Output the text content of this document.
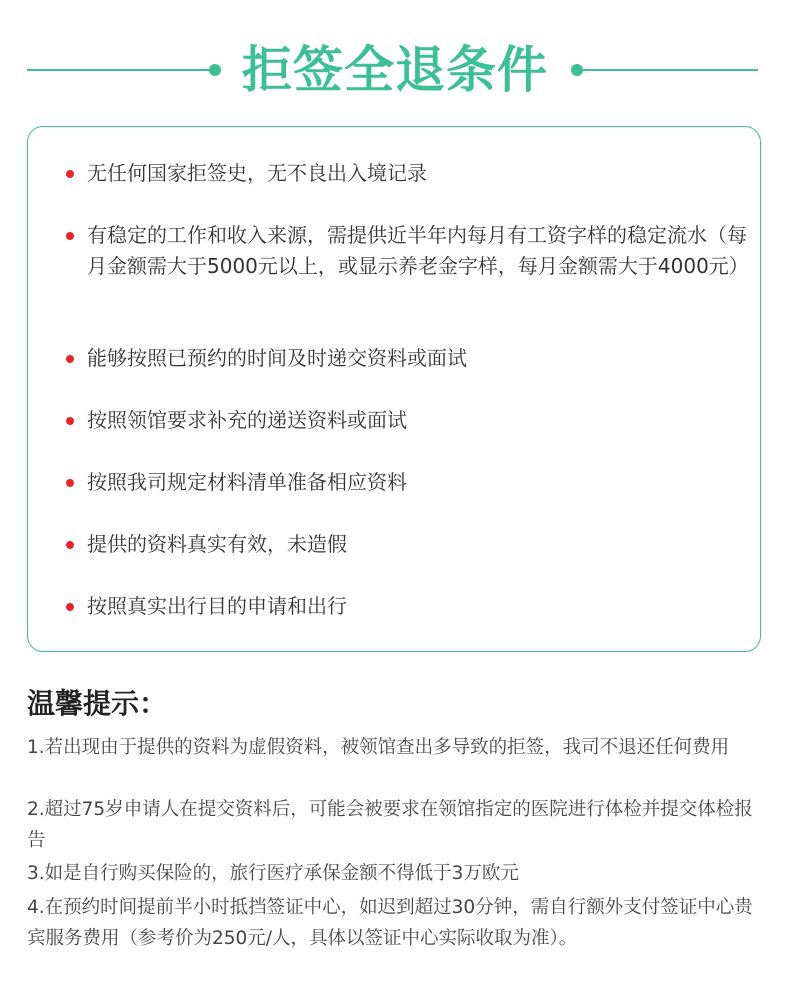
拒签全退条件
无任何国家拒签史，无不良出入境记录
有稳定的工作和收入来源，需提供近半年内每月有工资字样的稳定流水（每月金额需大于5000元以上，或显示养老金字样，每月金额需大于4000元）
能够按照已预约的时间及时递交资料或面试
按照领馆要求补充的递送资料或面试
按照我司规定材料清单准备相应资料
提供的资料真实有效，未造假
按照真实出行目的申请和出行
温馨提示：
1.若出现由于提供的资料为虚假资料，被领馆查出多导致的拒签，我司不退还任何费用
2.超过75岁申请人在提交资料后，可能会被要求在领馆指定的医院进行体检并提交体检报告
3.如是自行购买保险的，旅行医疗承保金额不得低于3万欧元
4.在预约时间提前半小时抵挡签证中心，如迟到超过30分钟，需自行额外支付签证中心贵宾服务费用（参考价为250元/人，具体以签证中心实际收取为准）。
